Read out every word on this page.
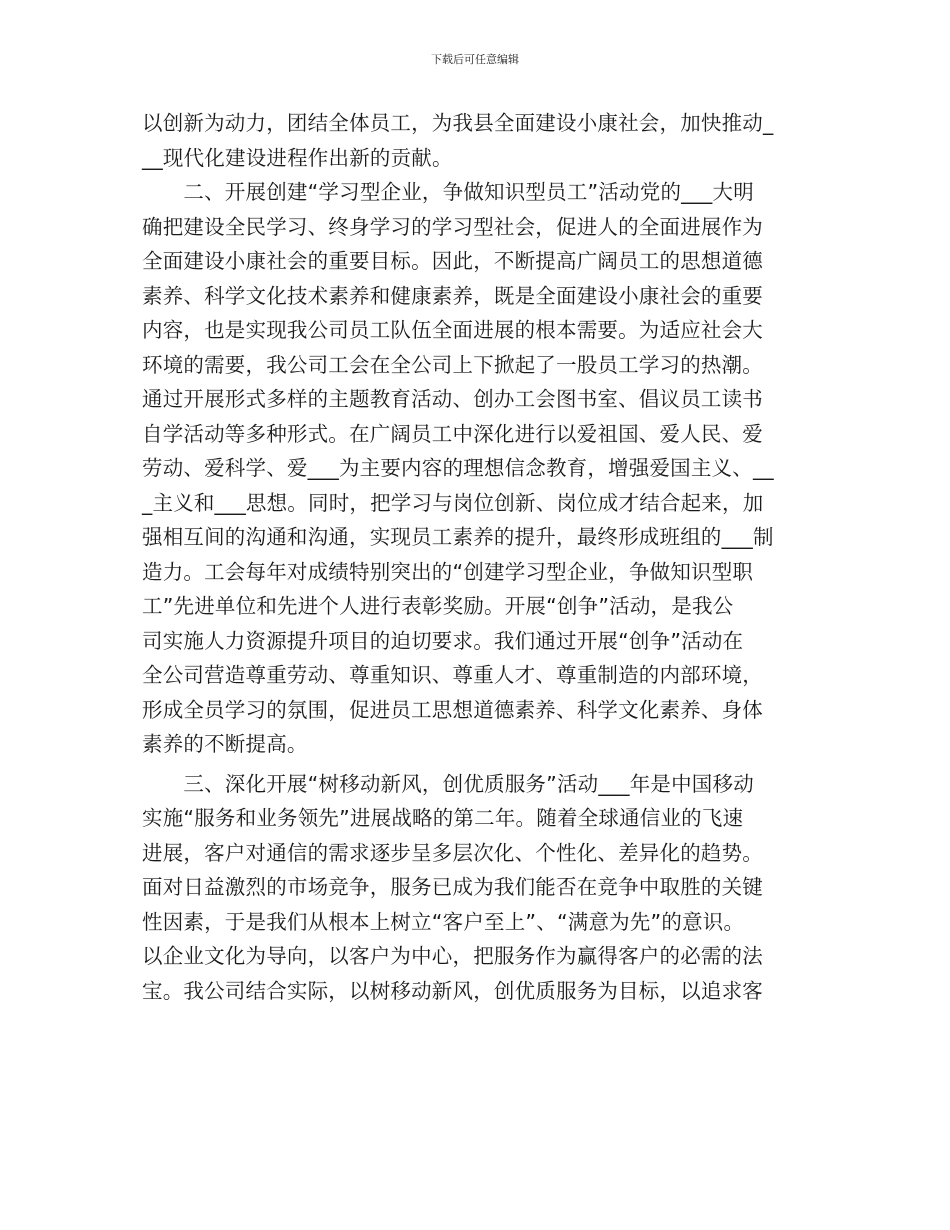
下载后可任意编辑
以创新为动力，团结全体员工，为我县全面建设小康社会，加快推动_
__现代化建设进程作出新的贡献。
　　二、开展创建“学习型企业，争做知识型员工”活动党的___大明
确把建设全民学习、终身学习的学习型社会，促进人的全面进展作为
全面建设小康社会的重要目标。因此，不断提高广阔员工的思想道德
素养、科学文化技术素养和健康素养，既是全面建设小康社会的重要
内容，也是实现我公司员工队伍全面进展的根本需要。为适应社会大
环境的需要，我公司工会在全公司上下掀起了一股员工学习的热潮。
通过开展形式多样的主题教育活动、创办工会图书室、倡议员工读书
自学活动等多种形式。在广阔员工中深化进行以爱祖国、爱人民、爱
劳动、爱科学、爱___为主要内容的理想信念教育，增强爱国主义、__
_主义和___思想。同时，把学习与岗位创新、岗位成才结合起来，加
强相互间的沟通和沟通，实现员工素养的提升，最终形成班组的___制
造力。工会每年对成绩特别突出的“创建学习型企业，争做知识型职
工”先进单位和先进个人进行表彰奖励。开展“创争”活动，是我公
司实施人力资源提升项目的迫切要求。我们通过开展“创争”活动在
全公司营造尊重劳动、尊重知识、尊重人才、尊重制造的内部环境，
形成全员学习的氛围，促进员工思想道德素养、科学文化素养、身体
素养的不断提高。
　　三、深化开展“树移动新风，创优质服务”活动___年是中国移动
实施“服务和业务领先”进展战略的第二年。随着全球通信业的飞速
进展，客户对通信的需求逐步呈多层次化、个性化、差异化的趋势。
面对日益激烈的市场竞争，服务已成为我们能否在竞争中取胜的关键
性因素，于是我们从根本上树立“客户至上”、“满意为先”的意识。
以企业文化为导向，以客户为中心，把服务作为赢得客户的必需的法
宝。我公司结合实际，以树移动新风，创优质服务为目标，以追求客
